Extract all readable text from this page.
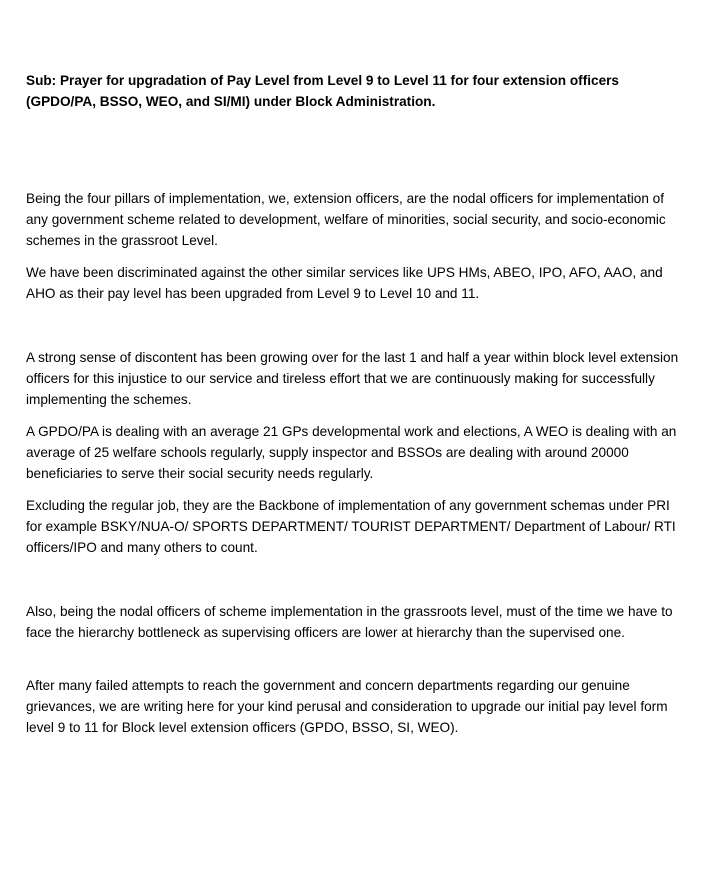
Sub: Prayer for upgradation of Pay Level from Level 9 to Level 11 for four extension officers (GPDO/PA, BSSO, WEO, and SI/MI) under Block Administration.

Being the four pillars of implementation, we, extension officers, are the nodal officers for implementation of any government scheme related to development, welfare of minorities, social security, and socio-economic schemes in the grassroot Level.

We have been discriminated against the other similar services like UPS HMs, ABEO, IPO, AFO, AAO, and AHO as their pay level has been upgraded from Level 9 to Level 10 and 11.

A strong sense of discontent has been growing over for the last 1 and half a year within block level extension officers for this injustice to our service and tireless effort that we are continuously making for successfully implementing the schemes.

A GPDO/PA is dealing with an average 21 GPs developmental work and elections, A WEO is dealing with an average of 25 welfare schools regularly, supply inspector and BSSOs are dealing with around 20000 beneficiaries to serve their social security needs regularly.

Excluding the regular job, they are the Backbone of implementation of any government schemas under PRI for example BSKY/NUA-O/ SPORTS DEPARTMENT/ TOURIST DEPARTMENT/ Department of Labour/ RTI officers/IPO and many others to count.

Also, being the nodal officers of scheme implementation in the grassroots level, must of the time we have to face the hierarchy bottleneck as supervising officers are lower at hierarchy than the supervised one.

After many failed attempts to reach the government and concern departments regarding our genuine grievances, we are writing here for your kind perusal and consideration to upgrade our initial pay level form level 9 to 11 for Block level extension officers (GPDO, BSSO, SI, WEO).
